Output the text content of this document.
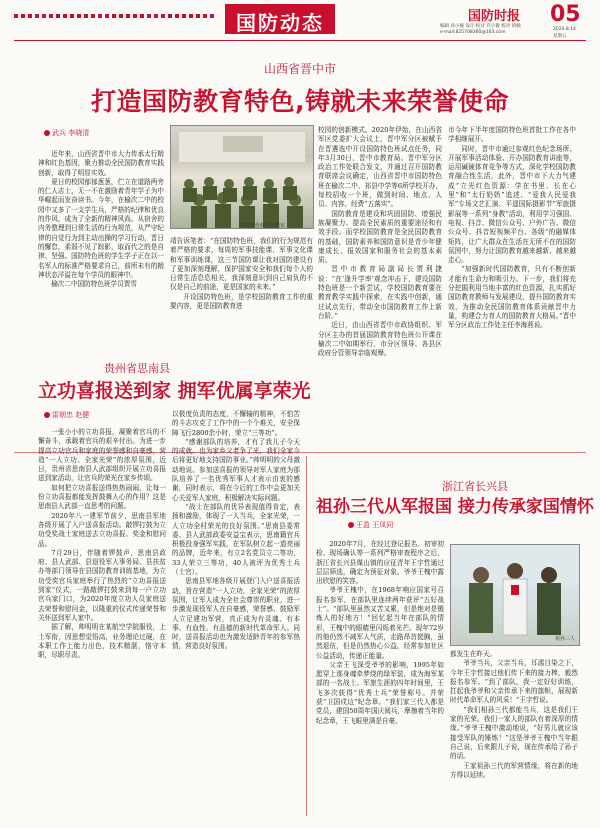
国防动态	国防时报
编辑 孙小楠 设计·校对 许小微 校对 胡楠
e-mail:825708360@163.com
05
2020.8.14
星期五
山西省晋中市
打造国防教育特色,铸就未来荣誉使命
武兵 李晓清

近年来，山西省晋中市大力传承太行精神和红色基因，聚力推动全民国防教育实践创新，取得了明显实效。

夏日的校园郁郁葱葱，伫立在道路两旁的仁人志士，无一不在激励着青年学子为中华崛起而发奋读书。今年，在榆次二中的校园中又多了一支学生兵，严格的纪律和优良的作风，成为了全新的精神风尚。从宿舍的内务整理到日常生活的行为规范，从严守纪律的自觉行为到主动出操的学习行动，晋日的懈怠，柔弱不见了踪影，取而代之的是自律、坚强。国防特色班的学生学子正在以一名军人的标准严格要求自己，前所未有的精神状态洋溢在每个学员的眼神中。

榆次二中国防特色班学员贾雪

国防特色校学习教室

靖告诉笔者：“在国防特色班，我们的行为规范有着严格的要求，每周的军事技能课、军事文化课和军事训练课，这三节国防课让我对国防建设有了更加深刻理解，保护国家安全和我们每个人的日常生活息息相关，我深刻意识到自己肩负的不仅是自己的前途，更是国家的未来。”

开设国防特色班，是学校国防教育工作的重要内容，更是国防教育进

校园的创新模式。2020年伊始，在山西省军区党委扩大会议上，晋中军分区被赋予在晋遴选中开设国防特色班试点任务，同年3月30日，晋中市教育局、晋中军分区政治工作处联合发文，并通过召开国防教育联席会议确定，山西省晋中市国防特色班在榆次二中、祁县中学等6所学校开办，每校招收一个班，做到时间、地点、人员、内容、经费“五落实”。

国防教育是建设和巩固国防、增强民族凝聚力、提高全民素质的重要途径和有效手段。而学校国防教育是全民国防教育的基础，国防素养和国防意识是青少年健康成长、报效国家和服务社会的基本素质。

晋中市教育局副局长贾利捷说：“在‘逢升学率’观念冲击下，建设国防特色班是一个新尝试，学校国防教育要在教育教学实践中探索，在实践中创新，通过试点先行，带动全市国防教育工作上新台阶。”

近日，由山西省晋中市政协组织、军分区主办的首届国防教育特色班公开课在榆次二中如期举行，市分区领导、各县区政府分管领导亲临观摩。

市今年下半年度国防特色班首批工作在各中学相继展开。

同时，晋中市通过参观红色纪念场所、开展军事活动体验、开办国防教育讲座等，运用碱硬体育竞争等方式，深化学校国防教育融合性生活，此外，晋中市下大力气建成“立光红色资源：学在书里、长在心里”和“太行奶奶”追述、“爱我人民爱我军”专场文艺汇演、平遥国际摄影节”军旅摄影展等一系列“身教”活动，利用学习强国、电视、抖音、微信公众号、户外广告、微信公众号、抖音短视频平台、各级“的融媒体矩阵，让广大群众在生活在无所不在的国防氛围中，努力让国防教育越来越新、越来越走心。

“加强新时代国防教育，只有不断创新才能有生命力和吸引力。下一步，我们将充分挖掘利用当地丰富的红色资源，扎实抓好国防教育教师与发展建设，提升国防教育实效，为推动全民国防教育体系贡献晋中力量，构建合力育人的国防教育大格局。”晋中军分区政治工作处主任李海燕说。

贵州省思南县
立功喜报送到家 拥军优属享荣光
雷朝忠 赵健

一张小小的立功喜报，凝聚着官兵的不懈奋斗，承载着官兵的艰辛付出。为进一步提高立功官兵和家庭的荣誉感和自豪感，营造“一人立功、全家光荣”的浓厚氛围，近日，贵州省思南县人武部组织开展立功喜报送到家活动，让官兵的荣光在家乡传颂。

如何把立功喜报送得热热闹闹，让每一份立功喜报都能发挥鼓舞人心的作用？这是思南县人武部一直思考的问题。

2020年八一建军节前夕，思南县军地各级开展了入户送喜报活动。敲锣打鼓为立功受奖战士家庭送去立功喜报、奖金和慰问品。

7月29日，伴随着锣鼓声，思南县政府、县人武部、县退役军人事务局、县扶贫办等部门领导在县国防教育训练基地，为立功受奖官兵家庭举行了热烈的“立功喜报送到家”仪式，一路敲锣打鼓来到每一户立功官兵家门口，为2020年度立功人员家庭送去荣誉和慰问金，以隆重的仪式传递荣誉和关怀送到军人家中。

据了解，帅明明在某航空学院服役，上士军衔，因思想觉悟高，业务理论过硬，在本职工作上能力出色，技术精湛，恪守本职，尽职尽责。

以极度负责的态度，不懈输的精神，不怕苦的斗志攻克了工作中的一个个难关，安全保障飞行2800余小时，荣立“三等功”。

“感谢部队的培养，才有了我儿子今天的成就。也为家乡父老争了光，我们全家今后将更好地支持国防事业。”帅明明的父母激动地说。参加送喜报的领导对军人家庭为部队培养了一名优秀军事人才表示由衷的感谢，同时表示，将在今后的工作中会更加关心关爱军人家庭，积极解决实际问题。

“战士在部队的优异表现值得肯定，表扬和激励，体现了一人当兵，全家光荣，一人立功全村荣光的良好氛围。”思南县委常委、县人武部政委安益宝表示，思南籍官兵积极投身强军实践，在军队树立起一道亮丽的品牌，近年来，有立2名党员立二等功，33人荣立三等功，40人被评为优秀士兵（士官）。

思南县军地各级开展登门入户送喜报活动，旨在营造“一人立功，全家光荣”的浓厚氛围，让军人成为全社会尊崇的职业，进一步激发现役军人在自豪感，荣誉感、鼓励军人立足建功军营，真正成为有灵魂、有本事、有血性、有品德的新时代革命军人。同时，送喜报活动也为激发适龄青年的参军热情，营造良好氛围。

浙江省长兴县
祖孙三代从军报国 接力传承家国情怀
王盈 王凤同
祖孙三人

2020年7月，在经过登记报名、初审初检、现场确认等一系列严格审查程序之后，浙江省长兴县煤山镇的应征青年王宇哲通过层层筛选，确定为预征对象。爷爷王槐中露出欣慰的笑容。

爷爷王槐中，在1968年响应国家号召报名参军，在部队里连续两年获评“五好战士”。“部队里虽然又苦又累，但是绝对是锻炼人的好地方！”回忆起当年在部队的情形，王槐中的眼睛里闪烁着光芒。现年72岁的他仍然不减军人气质，走路昂首挺胸，虽然退伍，但是仍然热心公益，经常参加社区公益活动，传递正能量。

父亲王飞深受爷爷的影响，1995年如愿穿上那身魂牵梦绕的绿军装，成为海军某部的一名战士。军旅生涯的四年时间里，王飞多次获得“优秀士兵”荣誉称号。并荣获“卫国戍边”纪念章。“我们家三代人都是党员，建国50周年国庆阅兵，摩擦着当年的纪念章，王飞眼里满是自豪。

都发生在昨天。

爷爷当兵，父亲当兵，耳濡目染之下，今年王宇哲接过他们传下来的接力棒，毅然报名参军。“到了部队，我一定好好训练，扛起我爷爷和父亲传承下来的旗帜，展现新时代革命军人的风采！”王宇哲说。

“我们相孙三代都能当兵，这是我们王家的光荣。我们一家人的部队有着深厚的情缘。”爷爷王槐中激动地说，“好男儿就应该接受军队的锤炼！”这是爷爷王槐中当年跟自己说，后来跟儿子说，现在传承给了孙子的话。

王家祖孙三代的军营情缘，将在新的地方得以延续。
